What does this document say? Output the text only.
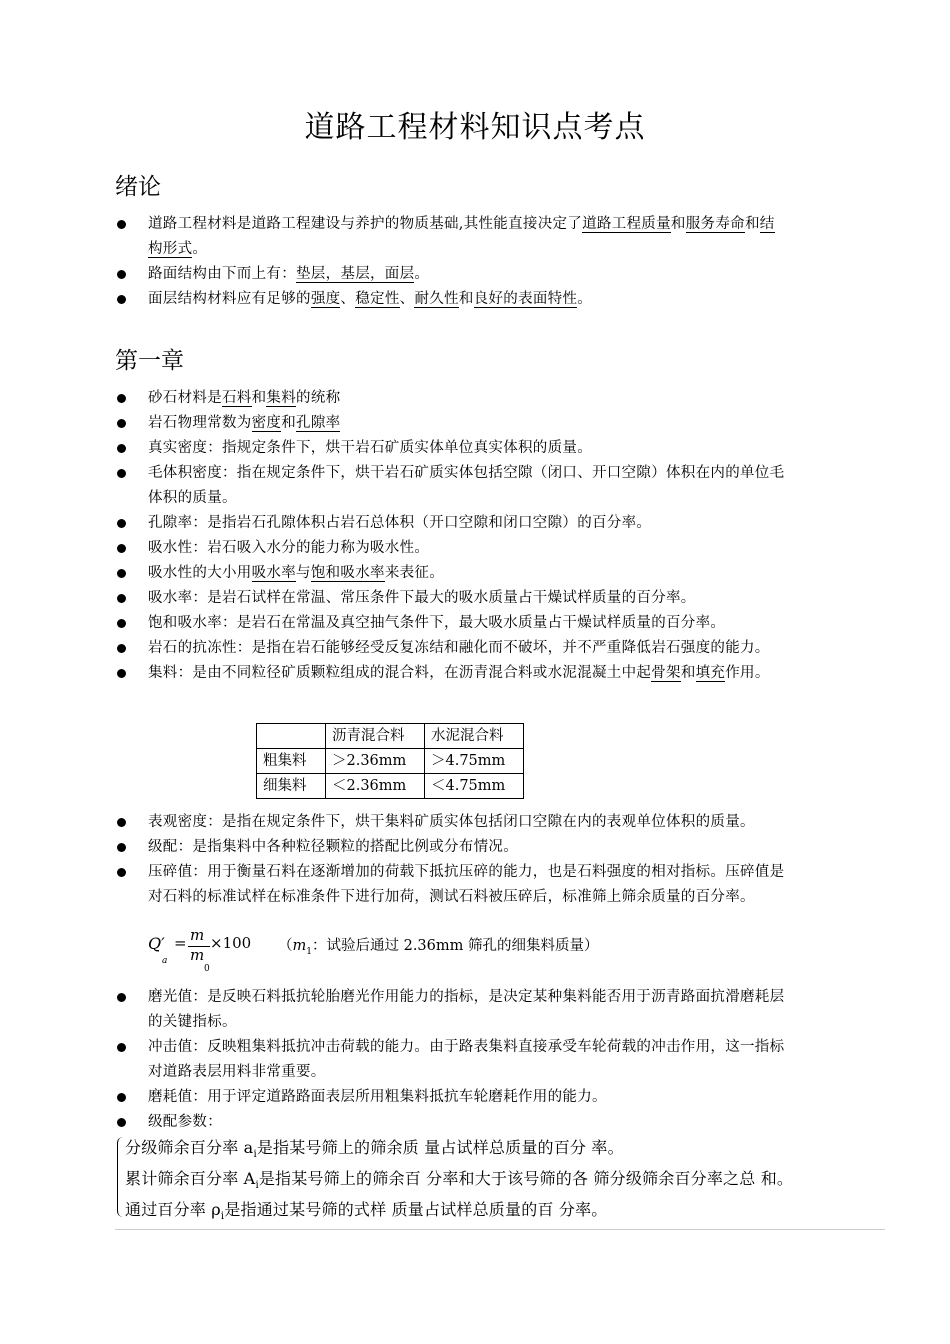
道路工程材料知识点考点
绪论
道路工程材料是道路工程建设与养护的物质基础,其性能直接决定了道路工程质量和服务寿命和结
构形式。
路面结构由下而上有：垫层，基层，面层。
面层结构材料应有足够的强度、稳定性、耐久性和良好的表面特性。
第一章
砂石材料是石料和集料的统称
岩石物理常数为密度和孔隙率
真实密度：指规定条件下，烘干岩石矿质实体单位真实体积的质量。
毛体积密度：指在规定条件下，烘干岩石矿质实体包括空隙（闭口、开口空隙）体积在内的单位毛
体积的质量。
孔隙率：是指岩石孔隙体积占岩石总体积（开口空隙和闭口空隙）的百分率。
吸水性：岩石吸入水分的能力称为吸水性。
吸水性的大小用吸水率与饱和吸水率来表征。
吸水率：是岩石试样在常温、常压条件下最大的吸水质量占干燥试样质量的百分率。
饱和吸水率：是岩石在常温及真空抽气条件下，最大吸水质量占干燥试样质量的百分率。
岩石的抗冻性：是指在岩石能够经受反复冻结和融化而不破坏，并不严重降低岩石强度的能力。
集料：是由不同粒径矿质颗粒组成的混合料，在沥青混合料或水泥混凝土中起骨架和填充作用。
	沥青混合料	水泥混合料
粗集料	＞2.36mm	＞4.75mm
细集料	＜2.36mm	＜4.75mm
表观密度：是指在规定条件下，烘干集料矿质实体包括闭口空隙在内的表观单位体积的质量。
级配：是指集料中各种粒径颗粒的搭配比例或分布情况。
压碎值：用于衡量石料在逐渐增加的荷载下抵抗压碎的能力，也是石料强度的相对指标。压碎值是
对石料的标准试样在标准条件下进行加荷，测试石料被压碎后，标准筛上筛余质量的百分率。
Q′
a
= m
m
0
×100 （$m_1$：试验后通过 2.36mm 筛孔的细集料质量）
磨光值：是反映石料抵抗轮胎磨光作用能力的指标，是决定某种集料能否用于沥青路面抗滑磨耗层
的关键指标。
冲击值：反映粗集料抵抗冲击荷载的能力。由于路表集料直接承受车轮荷载的冲击作用，这一指标
对道路表层用料非常重要。
磨耗值：用于评定道路路面表层所用粗集料抵抗车轮磨耗作用的能力。
级配参数：
分级筛余百分率 $a_i$是指某号筛上的筛余质 量占试样总质量的百分 率。
累计筛余百分率 $A_i$是指某号筛上的筛余百 分率和大于该号筛的各 筛分级筛余百分率之总 和。
通过百分率 $\rho_i$是指通过某号筛的式样 质量占试样总质量的百 分率。
